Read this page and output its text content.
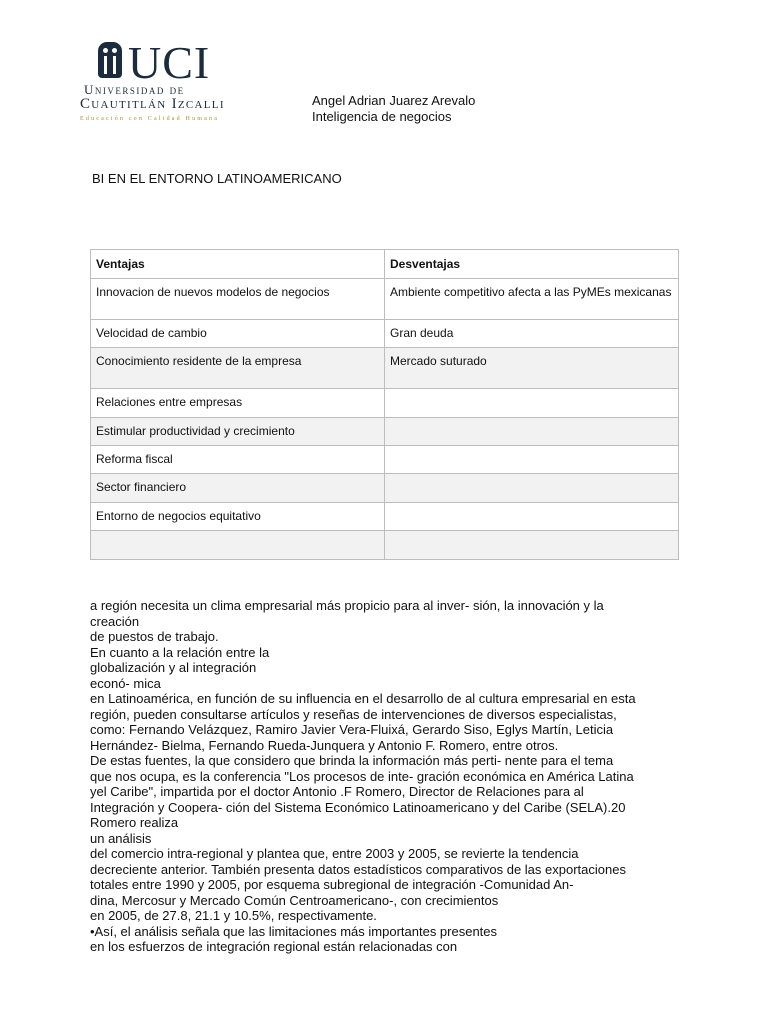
UCI
Universidad de
Cuautitlán Izcalli
Educación con Calidad Humana
Angel Adrian Juarez Arevalo
Inteligencia de negocios
BI EN EL ENTORNO LATINOAMERICANO
Ventajas	Desventajas
Innovacion de nuevos modelos de negocios	Ambiente competitivo afecta a las PyMEs mexicanas
Velocidad de cambio	Gran deuda
Conocimiento residente de la empresa	Mercado suturado
Relaciones entre empresas	
Estimular productividad y crecimiento	
Reforma fiscal	
Sector financiero	
Entorno de negocios equitativo	

a región necesita un clima empresarial más propicio para al inver- sión, la innovación y la

creación

de puestos de trabajo.

En cuanto a la relación entre la

globalización y al integración

econó- mica

en Latinoamérica, en función de su influencia en el desarrollo de al cultura empresarial en esta

región, pueden consultarse artículos y reseñas de intervenciones de diversos especialistas,

como: Fernando Velázquez, Ramiro Javier Vera-Fluixá, Gerardo Siso, Eglys Martín, Leticia

Hernández- Bielma, Fernando Rueda-Junquera y Antonio F. Romero, entre otros.

De estas fuentes, la que considero que brinda la información más perti- nente para el tema

que nos ocupa, es la conferencia "Los procesos de inte- gración económica en América Latina

yel Caribe", impartida por el doctor Antonio .F Romero, Director de Relaciones para al

Integración y Coopera- ción del Sistema Económico Latinoamericano y del Caribe (SELA).20

Romero realiza

un análisis

del comercio intra-regional y plantea que, entre 2003 y 2005, se revierte la tendencia

decreciente anterior. También presenta datos estadísticos comparativos de las exportaciones

totales entre 1990 y 2005, por esquema subregional de integración -Comunidad An-

dina, Mercosur y Mercado Común Centroamericano-, con crecimientos

en 2005, de 27.8, 21.1 y 10.5%, respectivamente.

•Así, el análisis señala que las limitaciones más importantes presentes

en los esfuerzos de integración regional están relacionadas con
